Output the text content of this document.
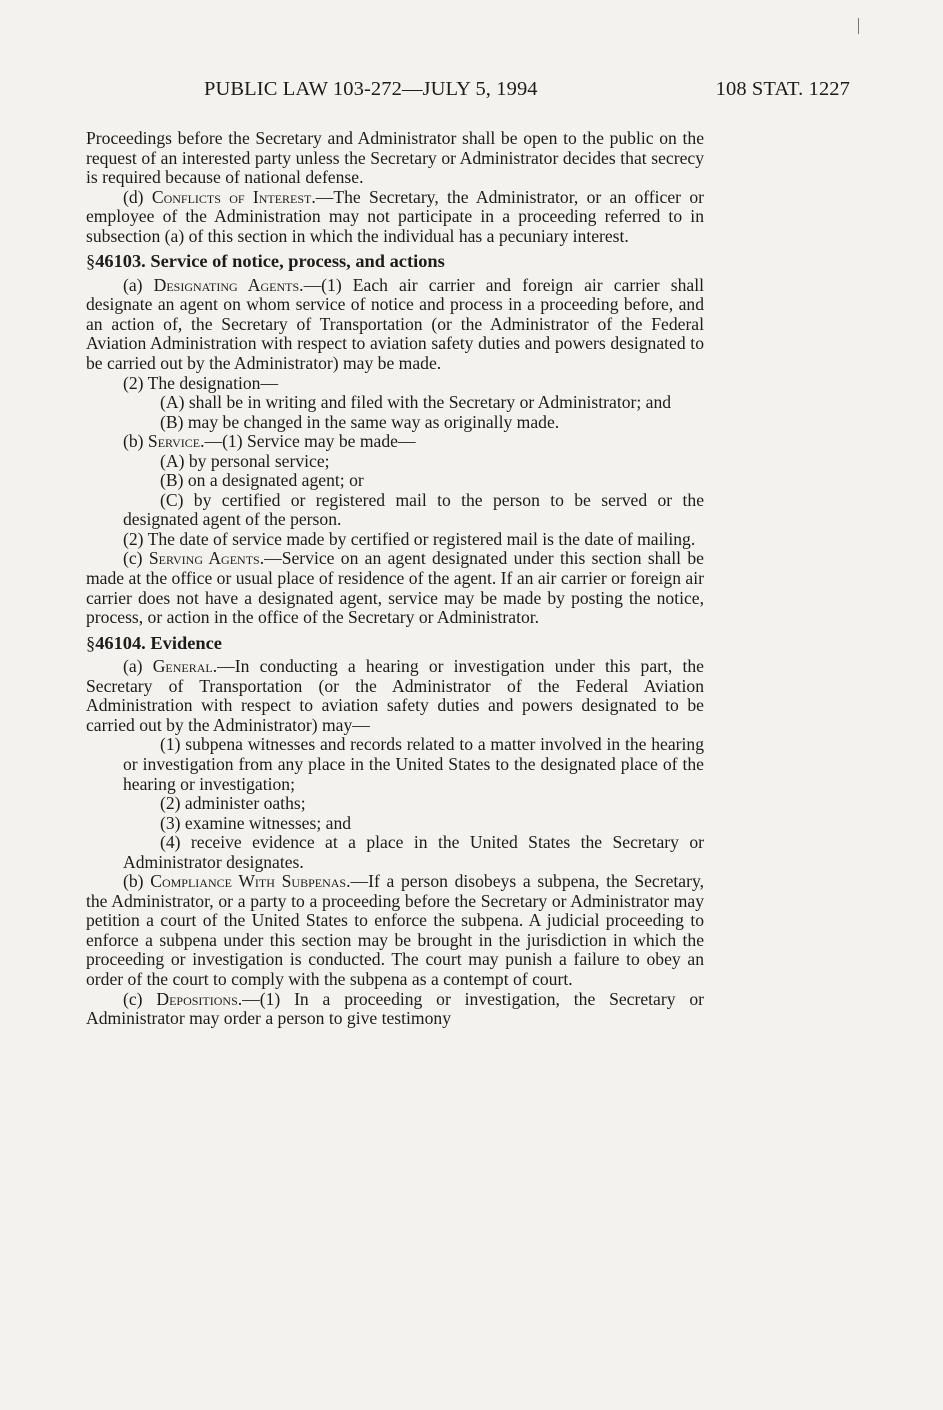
PUBLIC LAW 103-272—JULY 5, 1994	108 STAT. 1227

Proceedings before the Secretary and Administrator shall be open to the public on the request of an interested party unless the Secretary or Administrator decides that secrecy is required because of national defense.

(d) Conflicts of Interest.—The Secretary, the Administrator, or an officer or employee of the Administration may not participate in a proceeding referred to in subsection (a) of this section in which the individual has a pecuniary interest.

§46103. Service of notice, process, and actions

(a) Designating Agents.—(1) Each air carrier and foreign air carrier shall designate an agent on whom service of notice and process in a proceeding before, and an action of, the Secretary of Transportation (or the Administrator of the Federal Aviation Administration with respect to aviation safety duties and powers designated to be carried out by the Administrator) may be made.

(2) The designation—

(A) shall be in writing and filed with the Secretary or Administrator; and

(B) may be changed in the same way as originally made.

(b) Service.—(1) Service may be made—

(A) by personal service;

(B) on a designated agent; or

(C) by certified or registered mail to the person to be served or the designated agent of the person.

(2) The date of service made by certified or registered mail is the date of mailing.

(c) Serving Agents.—Service on an agent designated under this section shall be made at the office or usual place of residence of the agent. If an air carrier or foreign air carrier does not have a designated agent, service may be made by posting the notice, process, or action in the office of the Secretary or Administrator.

§46104. Evidence

(a) General.—In conducting a hearing or investigation under this part, the Secretary of Transportation (or the Administrator of the Federal Aviation Administration with respect to aviation safety duties and powers designated to be carried out by the Administrator) may—

(1) subpena witnesses and records related to a matter involved in the hearing or investigation from any place in the United States to the designated place of the hearing or investigation;

(2) administer oaths;

(3) examine witnesses; and

(4) receive evidence at a place in the United States the Secretary or Administrator designates.

(b) Compliance With Subpenas.—If a person disobeys a subpena, the Secretary, the Administrator, or a party to a proceeding before the Secretary or Administrator may petition a court of the United States to enforce the subpena. A judicial proceeding to enforce a subpena under this section may be brought in the jurisdiction in which the proceeding or investigation is conducted. The court may punish a failure to obey an order of the court to comply with the subpena as a contempt of court.

(c) Depositions.—(1) In a proceeding or investigation, the Secretary or Administrator may order a person to give testimony
